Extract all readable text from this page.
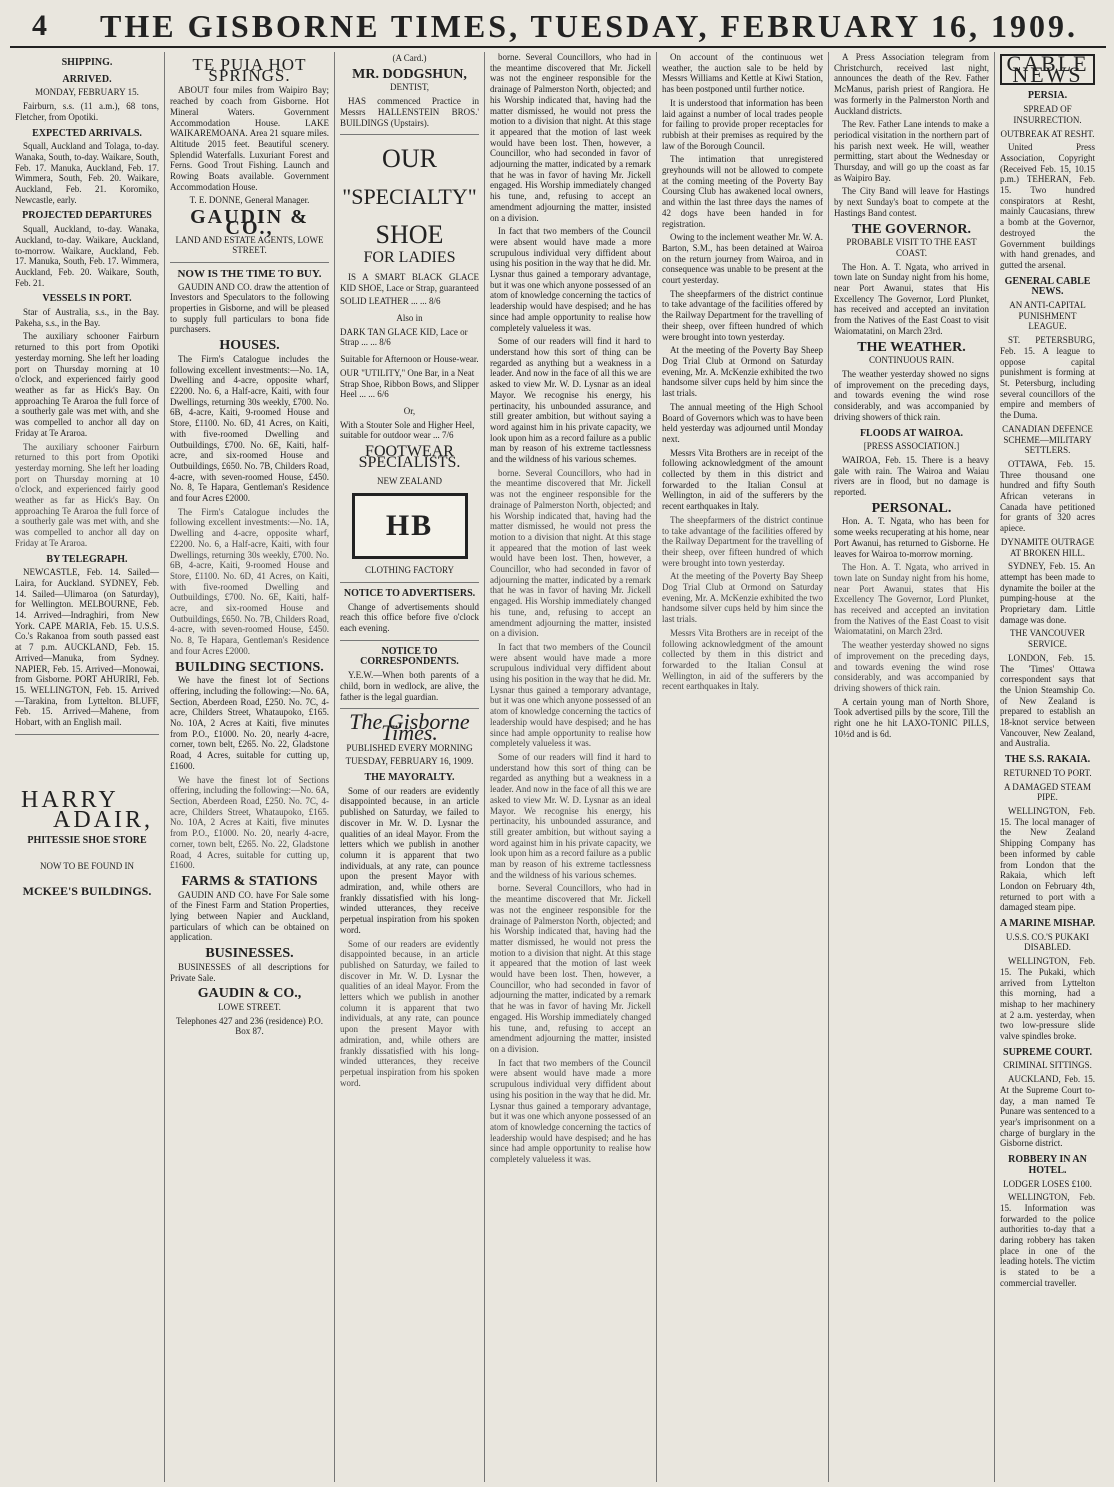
4	THE GISBORNE TIMES, TUESDAY, FEBRUARY 16, 1909.
SHIPPING.
ARRIVED.
MONDAY, FEBRUARY 15.

Fairburn, s.s. (11 a.m.), 68 tons, Fletcher, from Opotiki.

EXPECTED ARRIVALS.

Squall, Auckland and Tolaga, to-day. Wanaka, South, to-day. Waikare, South, Feb. 17. Manuka, Auckland, Feb. 17. Wimmera, South, Feb. 20. Waikare, Auckland, Feb. 21. Koromiko, Newcastle, early.

PROJECTED DEPARTURES

Squall, Auckland, to-day. Wanaka, Auckland, to-day. Waikare, Auckland, to-morrow. Waikare, Auckland, Feb. 17. Manuka, South, Feb. 17. Wimmera, Auckland, Feb. 20. Waikare, South, Feb. 21.

VESSELS IN PORT.

Star of Australia, s.s., in the Bay. Pakeha, s.s., in the Bay.

The auxiliary schooner Fairburn returned to this port from Opotiki yesterday morning. She left her loading port on Thursday morning at 10 o'clock, and experienced fairly good weather as far as Hick's Bay. On approaching Te Araroa the full force of a southerly gale was met with, and she was compelled to anchor all day on Friday at Te Araroa.

The auxiliary schooner Fairburn returned to this port from Opotiki yesterday morning. She left her loading port on Thursday morning at 10 o'clock, and experienced fairly good weather as far as Hick's Bay. On approaching Te Araroa the full force of a southerly gale was met with, and she was compelled to anchor all day on Friday at Te Araroa.

BY TELEGRAPH.

NEWCASTLE, Feb. 14. Sailed—Laira, for Auckland. SYDNEY, Feb. 14. Sailed—Ulimaroa (on Saturday), for Wellington. MELBOURNE, Feb. 14. Arrived—Indraghiri, from New York. CAPE MARIA, Feb. 15. U.S.S. Co.'s Rakanoa from south passed east at 7 p.m. AUCKLAND, Feb. 15. Arrived—Manuka, from Sydney. NAPIER, Feb. 15. Arrived—Monowai, from Gisborne. PORT AHURIRI, Feb. 15. WELLINGTON, Feb. 15. Arrived—Tarakina, from Lyttelton. BLUFF, Feb. 15. Arrived—Mahene, from Hobart, with an English mail.

HARRY
ADAIR,
PHITESSIE SHOE STORE
NOW TO BE FOUND IN
MCKEE'S BUILDINGS.
TE PUIA HOT SPRINGS.

ABOUT four miles from Waipiro Bay; reached by coach from Gisborne. Hot Mineral Waters. Government Accommodation House. LAKE WAIKAREMOANA. Area 21 square miles. Altitude 2015 feet. Beautiful scenery. Splendid Waterfalls. Luxuriant Forest and Ferns. Good Trout Fishing. Launch and Rowing Boats available. Government Accommodation House.

T. E. DONNE, General Manager.
GAUDIN & CO.,
LAND AND ESTATE AGENTS, LOWE STREET.
NOW IS THE TIME TO BUY.

GAUDIN AND CO. draw the attention of Investors and Speculators to the following properties in Gisborne, and will be pleased to supply full particulars to bona fide purchasers.

HOUSES.

The Firm's Catalogue includes the following excellent investments:—No. 1A, Dwelling and 4-acre, opposite wharf, £2200. No. 6, a Half-acre, Kaiti, with four Dwellings, returning 30s weekly, £700. No. 6B, 4-acre, Kaiti, 9-roomed House and Store, £1100. No. 6D, 41 Acres, on Kaiti, with five-roomed Dwelling and Outbuildings, £700. No. 6E, Kaiti, half-acre, and six-roomed House and Outbuildings, £650. No. 7B, Childers Road, 4-acre, with seven-roomed House, £450. No. 8, Te Hapara, Gentleman's Residence and four Acres £2000.

The Firm's Catalogue includes the following excellent investments:—No. 1A, Dwelling and 4-acre, opposite wharf, £2200. No. 6, a Half-acre, Kaiti, with four Dwellings, returning 30s weekly, £700. No. 6B, 4-acre, Kaiti, 9-roomed House and Store, £1100. No. 6D, 41 Acres, on Kaiti, with five-roomed Dwelling and Outbuildings, £700. No. 6E, Kaiti, half-acre, and six-roomed House and Outbuildings, £650. No. 7B, Childers Road, 4-acre, with seven-roomed House, £450. No. 8, Te Hapara, Gentleman's Residence and four Acres £2000.

BUILDING SECTIONS.

We have the finest lot of Sections offering, including the following:—No. 6A, Section, Aberdeen Road, £250. No. 7C, 4-acre, Childers Street, Whataupoko, £165. No. 10A, 2 Acres at Kaiti, five minutes from P.O., £1000. No. 20, nearly 4-acre, corner, town belt, £265. No. 22, Gladstone Road, 4 Acres, suitable for cutting up, £1600.

We have the finest lot of Sections offering, including the following:—No. 6A, Section, Aberdeen Road, £250. No. 7C, 4-acre, Childers Street, Whataupoko, £165. No. 10A, 2 Acres at Kaiti, five minutes from P.O., £1000. No. 20, nearly 4-acre, corner, town belt, £265. No. 22, Gladstone Road, 4 Acres, suitable for cutting up, £1600.

FARMS & STATIONS

GAUDIN AND CO. have For Sale some of the Finest Farm and Station Properties, lying between Napier and Auckland, particulars of which can be obtained on application.

BUSINESSES.

BUSINESSES of all descriptions for Private Sale.

GAUDIN & CO.,
LOWE STREET.
Telephones 427 and 236 (residence) P.O. Box 87.
(A Card.)
MR. DODGSHUN,
DENTIST,

HAS commenced Practice in Messrs HALLENSTEIN BROS.' BUILDINGS (Upstairs).

OUR
"SPECIALTY"
SHOE
FOR LADIES

IS A SMART BLACK GLACE KID SHOE, Lace or Strap, guaranteed

SOLID LEATHER ... ... 8/6
Also in
DARK TAN GLACE KID, Lace or Strap ... ... 8/6
Suitable for Afternoon or House-wear.
OUR "UTILITY," One Bar, in a Neat Strap Shoe, Ribbon Bows, and Slipper Heel ... ... 6/6
Or,
With a Stouter Sole and Higher Heel, suitable for outdoor wear ... 7/6
FOOTWEAR SPECIALISTS.
NEW ZEALAND
HB
CLOTHING FACTORY
NOTICE TO ADVERTISERS.

Change of advertisements should reach this office before five o'clock each evening.

NOTICE TO CORRESPONDENTS.

Y.E.W.—When both parents of a child, born in wedlock, are alive, the father is the legal guardian.

The Gisborne Times.
PUBLISHED EVERY MORNING
TUESDAY, FEBRUARY 16, 1909.
THE MAYORALTY.

Some of our readers are evidently disappointed because, in an article published on Saturday, we failed to discover in Mr. W. D. Lysnar the qualities of an ideal Mayor. From the letters which we publish in another column it is apparent that two individuals, at any rate, can pounce upon the present Mayor with admiration, and, while others are frankly dissatisfied with his long-winded utterances, they receive perpetual inspiration from his spoken word.

Some of our readers are evidently disappointed because, in an article published on Saturday, we failed to discover in Mr. W. D. Lysnar the qualities of an ideal Mayor. From the letters which we publish in another column it is apparent that two individuals, at any rate, can pounce upon the present Mayor with admiration, and, while others are frankly dissatisfied with his long-winded utterances, they receive perpetual inspiration from his spoken word.

borne. Several Councillors, who had in the meantime discovered that Mr. Jickell was not the engineer responsible for the drainage of Palmerston North, objected; and his Worship indicated that, having had the matter dismissed, he would not press the motion to a division that night. At this stage it appeared that the motion of last week would have been lost. Then, however, a Councillor, who had seconded in favor of adjourning the matter, indicated by a remark that he was in favor of having Mr. Jickell engaged. His Worship immediately changed his tune, and, refusing to accept an amendment adjourning the matter, insisted on a division.

In fact that two members of the Council were absent would have made a more scrupulous individual very diffident about using his position in the way that he did. Mr. Lysnar thus gained a temporary advantage, but it was one which anyone possessed of an atom of knowledge concerning the tactics of leadership would have despised; and he has since had ample opportunity to realise how completely valueless it was.

Some of our readers will find it hard to understand how this sort of thing can be regarded as anything but a weakness in a leader. And now in the face of all this we are asked to view Mr. W. D. Lysnar as an ideal Mayor. We recognise his energy, his pertinacity, his unbounded assurance, and still greater ambition, but without saying a word against him in his private capacity, we look upon him as a record failure as a public man by reason of his extreme tactlessness and the wildness of his various schemes.

borne. Several Councillors, who had in the meantime discovered that Mr. Jickell was not the engineer responsible for the drainage of Palmerston North, objected; and his Worship indicated that, having had the matter dismissed, he would not press the motion to a division that night. At this stage it appeared that the motion of last week would have been lost. Then, however, a Councillor, who had seconded in favor of adjourning the matter, indicated by a remark that he was in favor of having Mr. Jickell engaged. His Worship immediately changed his tune, and, refusing to accept an amendment adjourning the matter, insisted on a division.

In fact that two members of the Council were absent would have made a more scrupulous individual very diffident about using his position in the way that he did. Mr. Lysnar thus gained a temporary advantage, but it was one which anyone possessed of an atom of knowledge concerning the tactics of leadership would have despised; and he has since had ample opportunity to realise how completely valueless it was.

Some of our readers will find it hard to understand how this sort of thing can be regarded as anything but a weakness in a leader. And now in the face of all this we are asked to view Mr. W. D. Lysnar as an ideal Mayor. We recognise his energy, his pertinacity, his unbounded assurance, and still greater ambition, but without saying a word against him in his private capacity, we look upon him as a record failure as a public man by reason of his extreme tactlessness and the wildness of his various schemes.

borne. Several Councillors, who had in the meantime discovered that Mr. Jickell was not the engineer responsible for the drainage of Palmerston North, objected; and his Worship indicated that, having had the matter dismissed, he would not press the motion to a division that night. At this stage it appeared that the motion of last week would have been lost. Then, however, a Councillor, who had seconded in favor of adjourning the matter, indicated by a remark that he was in favor of having Mr. Jickell engaged. His Worship immediately changed his tune, and, refusing to accept an amendment adjourning the matter, insisted on a division.

In fact that two members of the Council were absent would have made a more scrupulous individual very diffident about using his position in the way that he did. Mr. Lysnar thus gained a temporary advantage, but it was one which anyone possessed of an atom of knowledge concerning the tactics of leadership would have despised; and he has since had ample opportunity to realise how completely valueless it was.

On account of the continuous wet weather, the auction sale to be held by Messrs Williams and Kettle at Kiwi Station, has been postponed until further notice.

It is understood that information has been laid against a number of local trades people for failing to provide proper receptacles for rubbish at their premises as required by the law of the Borough Council.

The intimation that unregistered greyhounds will not be allowed to compete at the coming meeting of the Poverty Bay Coursing Club has awakened local owners, and within the last three days the names of 42 dogs have been handed in for registration.

Owing to the inclement weather Mr. W. A. Barton, S.M., has been detained at Wairoa on the return journey from Wairoa, and in consequence was unable to be present at the court yesterday.

The sheepfarmers of the district continue to take advantage of the facilities offered by the Railway Department for the travelling of their sheep, over fifteen hundred of which were brought into town yesterday.

At the meeting of the Poverty Bay Sheep Dog Trial Club at Ormond on Saturday evening, Mr. A. McKenzie exhibited the two handsome silver cups held by him since the last trials.

The annual meeting of the High School Board of Governors which was to have been held yesterday was adjourned until Monday next.

Messrs Vita Brothers are in receipt of the following acknowledgment of the amount collected by them in this district and forwarded to the Italian Consul at Wellington, in aid of the sufferers by the recent earthquakes in Italy.

The sheepfarmers of the district continue to take advantage of the facilities offered by the Railway Department for the travelling of their sheep, over fifteen hundred of which were brought into town yesterday.

At the meeting of the Poverty Bay Sheep Dog Trial Club at Ormond on Saturday evening, Mr. A. McKenzie exhibited the two handsome silver cups held by him since the last trials.

Messrs Vita Brothers are in receipt of the following acknowledgment of the amount collected by them in this district and forwarded to the Italian Consul at Wellington, in aid of the sufferers by the recent earthquakes in Italy.

A Press Association telegram from Christchurch, received last night, announces the death of the Rev. Father McManus, parish priest of Rangiora. He was formerly in the Palmerston North and Auckland districts.

The Rev. Father Lane intends to make a periodical visitation in the northern part of his parish next week. He will, weather permitting, start about the Wednesday or Thursday, and will go up the coast as far as Waipiro Bay.

The City Band will leave for Hastings by next Sunday's boat to compete at the Hastings Band contest.

THE GOVERNOR.
PROBABLE VISIT TO THE EAST COAST.

The Hon. A. T. Ngata, who arrived in town late on Sunday night from his home, near Port Awanui, states that His Excellency The Governor, Lord Plunket, has received and accepted an invitation from the Natives of the East Coast to visit Waiomatatini, on March 23rd.

THE WEATHER.
CONTINUOUS RAIN.

The weather yesterday showed no signs of improvement on the preceding days, and towards evening the wind rose considerably, and was accompanied by driving showers of thick rain.

FLOODS AT WAIROA.
[PRESS ASSOCIATION.]

WAIROA, Feb. 15. There is a heavy gale with rain. The Wairoa and Waiau rivers are in flood, but no damage is reported.

PERSONAL.

Hon. A. T. Ngata, who has been for some weeks recuperating at his home, near Port Awanui, has returned to Gisborne. He leaves for Wairoa to-morrow morning.

The Hon. A. T. Ngata, who arrived in town late on Sunday night from his home, near Port Awanui, states that His Excellency The Governor, Lord Plunket, has received and accepted an invitation from the Natives of the East Coast to visit Waiomatatini, on March 23rd.

The weather yesterday showed no signs of improvement on the preceding days, and towards evening the wind rose considerably, and was accompanied by driving showers of thick rain.

A certain young man of North Shore, Took advertised pills by the score, Till the right one he hit LAXO-TONIC PILLS, 10½d and is 6d.

CABLE NEWS
PERSIA.
SPREAD OF INSURRECTION.
OUTBREAK AT RESHT.

United Press Association, Copyright (Received Feb. 15, 10.15 p.m.) TEHERAN, Feb. 15. Two hundred conspirators at Resht, mainly Caucasians, threw a bomb at the Governor, destroyed the Government buildings with hand grenades, and gutted the arsenal.

GENERAL CABLE NEWS.
AN ANTI-CAPITAL PUNISHMENT LEAGUE.

ST. PETERSBURG, Feb. 15. A league to oppose capital punishment is forming at St. Petersburg, including several councillors of the empire and members of the Duma.

CANADIAN DEFENCE SCHEME—MILITARY SETTLERS.

OTTAWA, Feb. 15. Three thousand one hundred and fifty South African veterans in Canada have petitioned for grants of 320 acres apiece.

DYNAMITE OUTRAGE AT BROKEN HILL.

SYDNEY, Feb. 15. An attempt has been made to dynamite the boiler at the pumping-house at the Proprietary dam. Little damage was done.

THE VANCOUVER SERVICE.

LONDON, Feb. 15. The 'Times' Ottawa correspondent says that the Union Steamship Co. of New Zealand is prepared to establish an 18-knot service between Vancouver, New Zealand, and Australia.

THE S.S. RAKAIA.
RETURNED TO PORT.
A DAMAGED STEAM PIPE.

WELLINGTON, Feb. 15. The local manager of the New Zealand Shipping Company has been informed by cable from London that the Rakaia, which left London on February 4th, returned to port with a damaged steam pipe.

A MARINE MISHAP.
U.S.S. CO.'S PUKAKI DISABLED.

WELLINGTON, Feb. 15. The Pukaki, which arrived from Lyttelton this morning, had a mishap to her machinery at 2 a.m. yesterday, when two low-pressure slide valve spindles broke.

SUPREME COURT.
CRIMINAL SITTINGS.

AUCKLAND, Feb. 15. At the Supreme Court to-day, a man named Te Punare was sentenced to a year's imprisonment on a charge of burglary in the Gisborne district.

ROBBERY IN AN HOTEL.
LODGER LOSES £100.

WELLINGTON, Feb. 15. Information was forwarded to the police authorities to-day that a daring robbery has taken place in one of the leading hotels. The victim is stated to be a commercial traveller.
